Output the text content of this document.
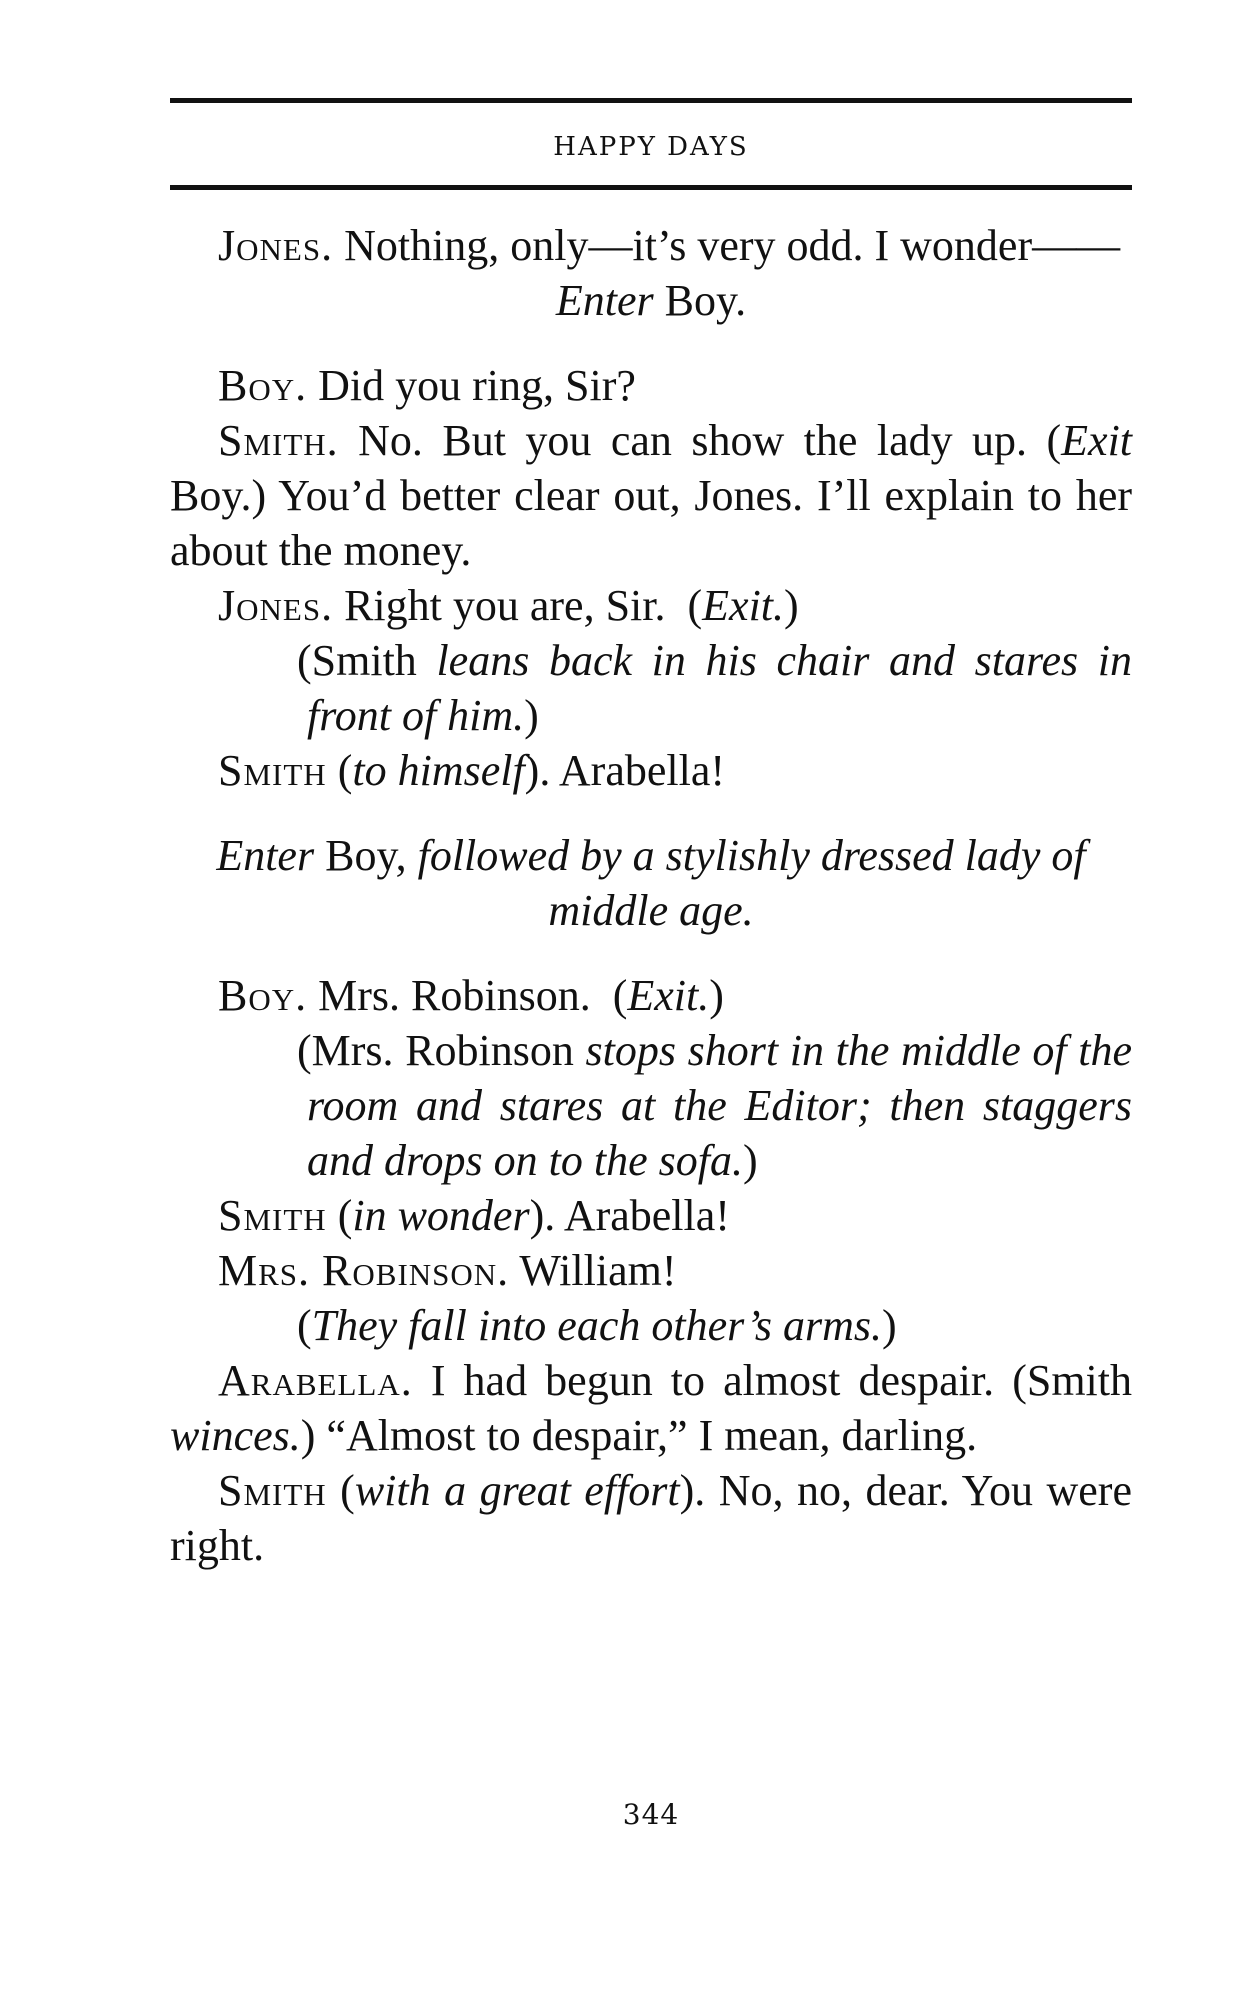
HAPPY DAYS

Jones. Nothing, only—it’s very odd. I wonder——

Enter Boy.

Boy. Did you ring, Sir?

Smith. No. But you can show the lady up. (Exit Boy.) You’d better clear out, Jones. I’ll explain to her about the money.

Jones. Right you are, Sir. (Exit.)

(Smith leans back in his chair and stares in front of him.)

Smith (to himself). Arabella!

Enter Boy, followed by a stylishly dressed lady of middle age.

Boy. Mrs. Robinson. (Exit.)

(Mrs. Robinson stops short in the middle of the room and stares at the Editor; then staggers and drops on to the sofa.)

Smith (in wonder). Arabella!

Mrs. Robinson. William!

(They fall into each other’s arms.)

Arabella. I had begun to almost despair. (Smith winces.) “Almost to despair,” I mean, darling.

Smith (with a great effort). No, no, dear. You were right.

344
